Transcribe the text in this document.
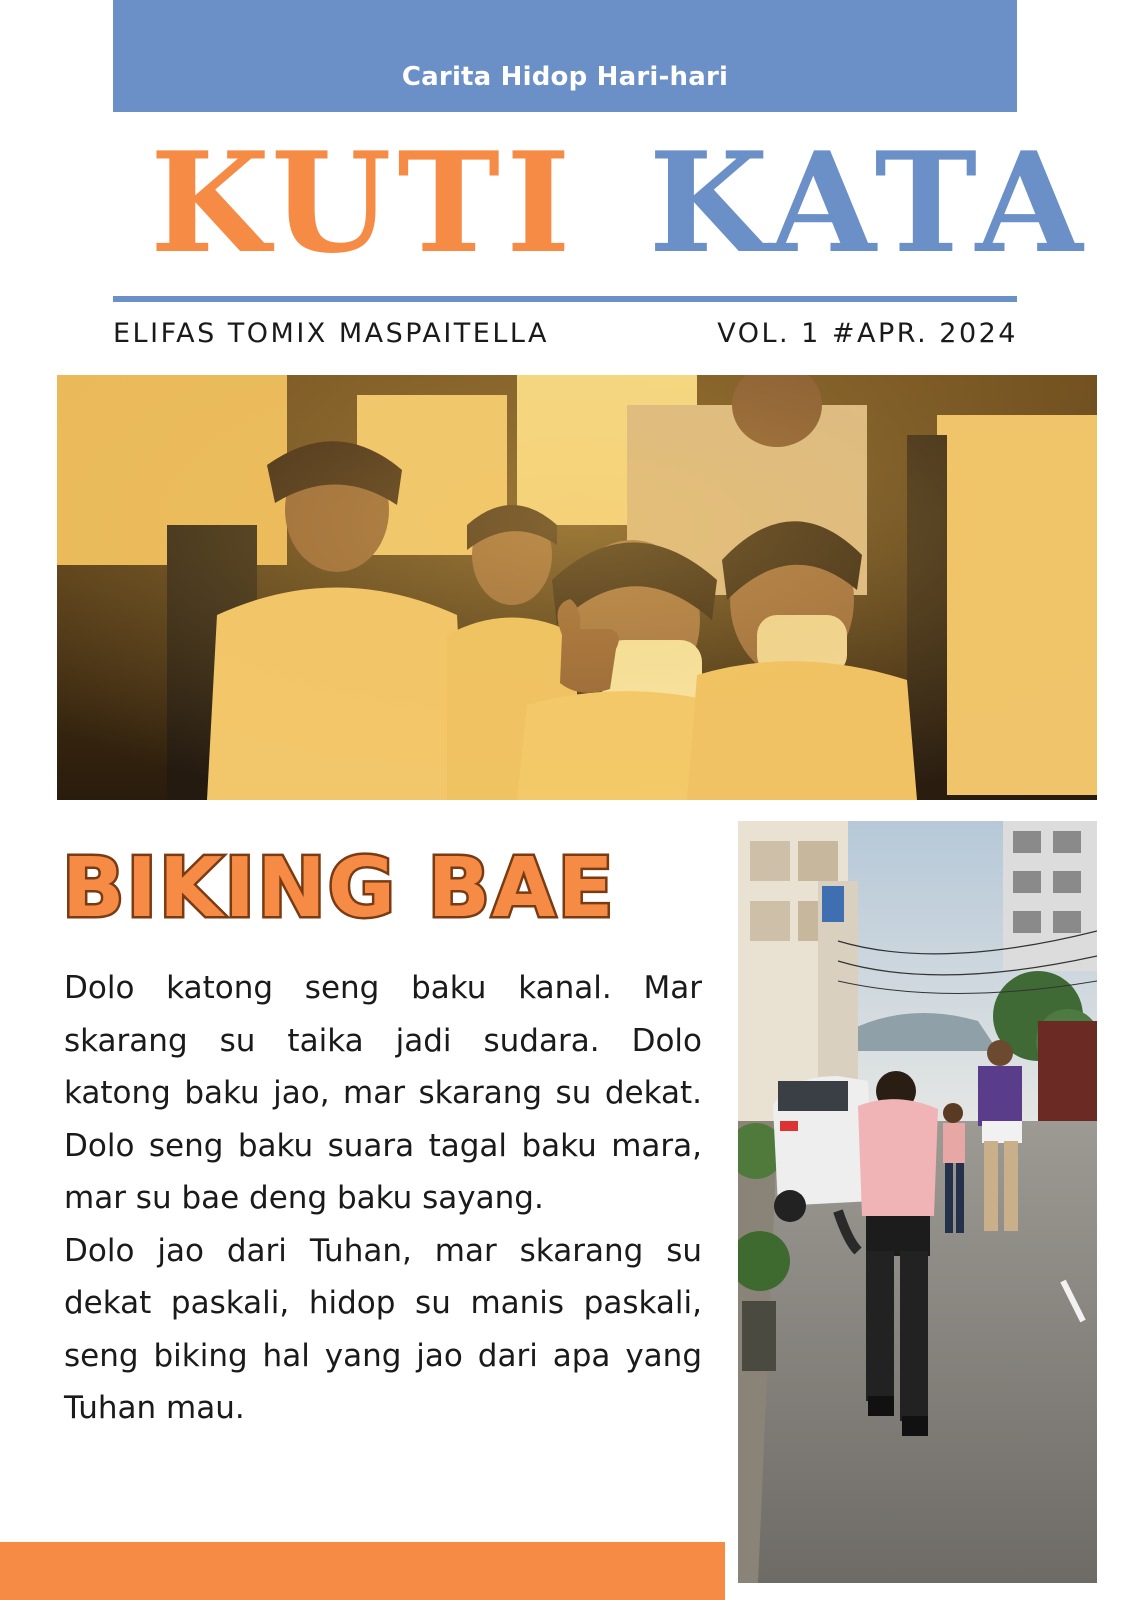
Carita Hidop Hari-hari
KUTI KATA
ELIFAS TOMIX MASPAITELLA	VOL. 1 #APR. 2024
BIKING BAE

Dolo katong seng baku kanal. Mar skarang su taika jadi sudara. Dolo katong baku jao, mar skarang su dekat. Dolo seng baku suara tagal baku mara, mar su bae deng baku sayang.

Dolo jao dari Tuhan, mar skarang su dekat paskali, hidop su manis paskali, seng biking hal yang jao dari apa yang Tuhan mau.
